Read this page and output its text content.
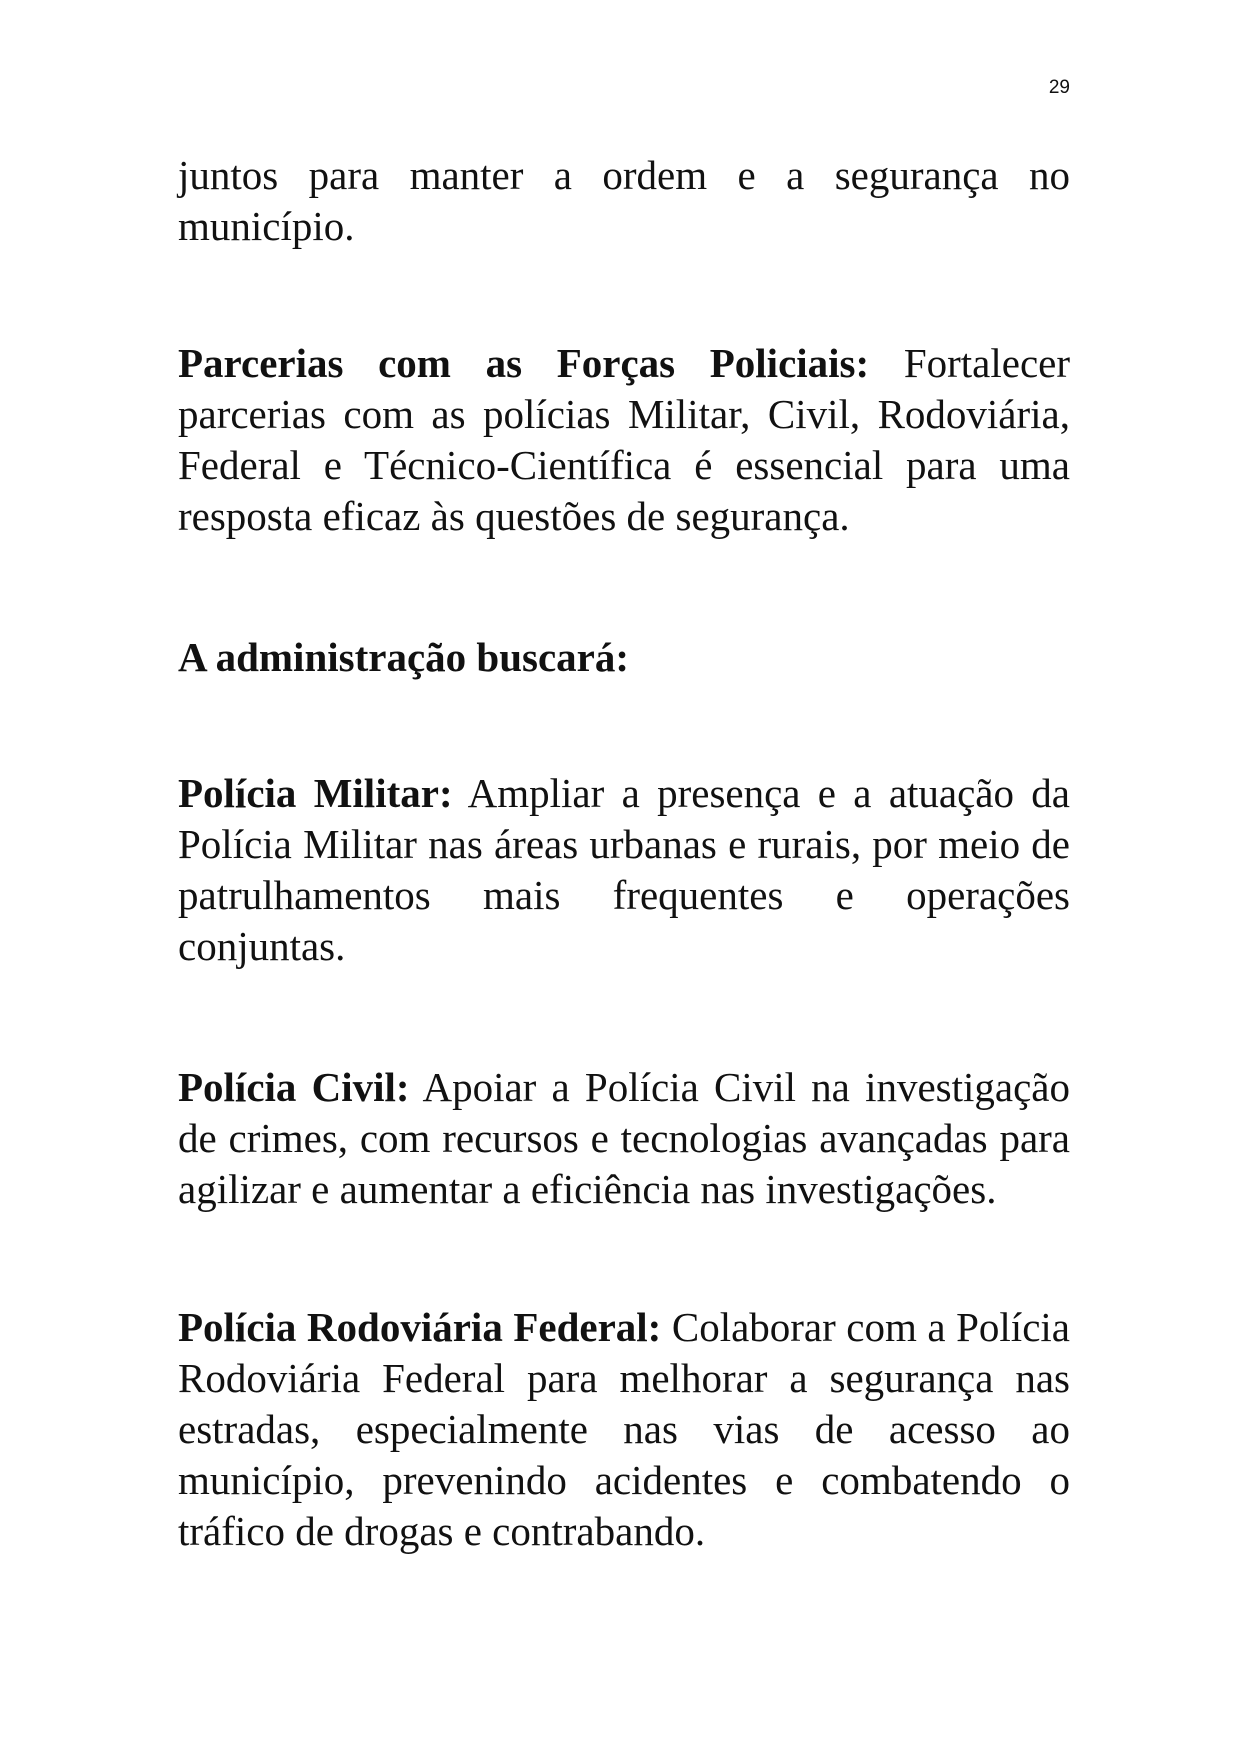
29

juntos para manter a ordem e a segurança no município.

Parcerias com as Forças Policiais: Fortalecer parcerias com as polícias Militar, Civil, Rodoviária, Federal e Técnico-Científica é essencial para uma resposta eficaz às questões de segurança.

A administração buscará:

Polícia Militar: Ampliar a presença e a atuação da Polícia Militar nas áreas urbanas e rurais, por meio de patrulhamentos mais frequentes e operações conjuntas.

Polícia Civil: Apoiar a Polícia Civil na investigação de crimes, com recursos e tecnologias avançadas para agilizar e aumentar a eficiência nas investigações.

Polícia Rodoviária Federal: Colaborar com a Polícia Rodoviária Federal para melhorar a segurança nas estradas, especialmente nas vias de acesso ao município, prevenindo acidentes e combatendo o tráfico de drogas e contrabando.
